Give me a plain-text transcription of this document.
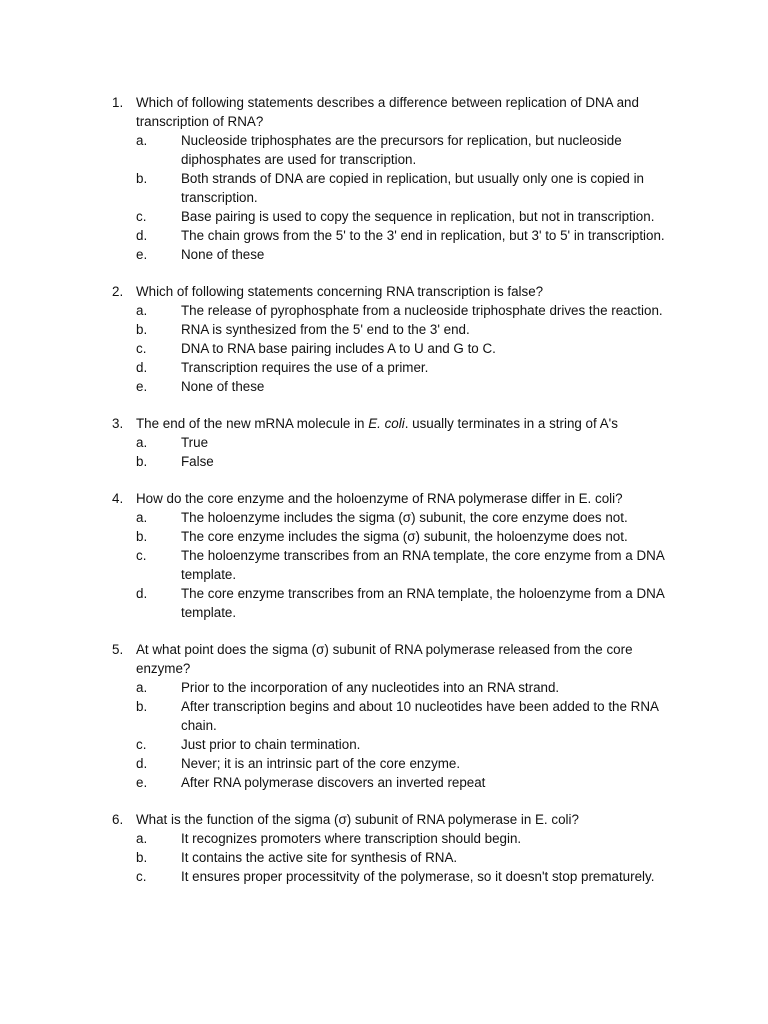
1. Which of following statements describes a difference between replication of DNA and transcription of RNA?
a.	Nucleoside triphosphates are the precursors for replication, but nucleoside diphosphates are used for transcription.
b.	Both strands of DNA are copied in replication, but usually only one is copied in transcription.
c.	Base pairing is used to copy the sequence in replication, but not in transcription.
d.	The chain grows from the 5' to the 3' end in replication, but 3' to 5' in transcription.
e.	None of these
2. Which of following statements concerning RNA transcription is false?
a.	The release of pyrophosphate from a nucleoside triphosphate drives the reaction.
b.	RNA is synthesized from the 5' end to the 3' end.
c.	DNA to RNA base pairing includes A to U and G to C.
d.	Transcription requires the use of a primer.
e.	None of these
3. The end of the new mRNA molecule in E. coli. usually terminates in a string of A's
a.	True
b.	False
4. How do the core enzyme and the holoenzyme of RNA polymerase differ in E. coli?
a.	The holoenzyme includes the sigma (σ) subunit, the core enzyme does not.
b.	The core enzyme includes the sigma (σ) subunit, the holoenzyme does not.
c.	The holoenzyme transcribes from an RNA template, the core enzyme from a DNA template.
d.	The core enzyme transcribes from an RNA template, the holoenzyme from a DNA template.
5. At what point does the sigma (σ) subunit of RNA polymerase released from the core enzyme?
a.	Prior to the incorporation of any nucleotides into an RNA strand.
b.	After transcription begins and about 10 nucleotides have been added to the RNA chain.
c.	Just prior to chain termination.
d.	Never; it is an intrinsic part of the core enzyme.
e.	After RNA polymerase discovers an inverted repeat
6. What is the function of the sigma (σ) subunit of RNA polymerase in E. coli?
a.	It recognizes promoters where transcription should begin.
b.	It contains the active site for synthesis of RNA.
c.	It ensures proper processitvity of the polymerase, so it doesn't stop prematurely.
